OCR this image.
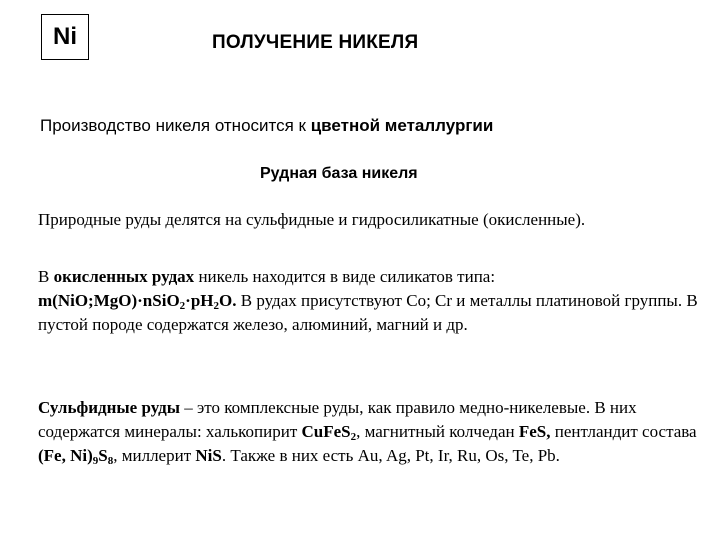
Ni	ПОЛУЧЕНИЕ НИКЕЛЯ
Производство никеля относится к цветной металлургии
Рудная база никеля
Природные руды делятся на сульфидные и гидросиликатные (окисленные).
В окисленных рудах никель находится в виде силикатов типа:
$m(NiO;MgO)\cdot nSiO_2\cdot pH_2O$. В рудах присутствуют Co; Cr и металлы платиновой группы. В пустой породе содержатся железо, алюминий, магний и др.
Сульфидные руды – это комплексные руды, как правило медно-никелевые. В них содержатся минералы: халькопирит CuFeS$_2$, магнитный колчедан FeS, пентландит состава (Fe, $Ni)_9S_8$, миллерит NiS. Также в них есть Au, Ag, Pt, Ir, Ru, Os, Te, Pb.
